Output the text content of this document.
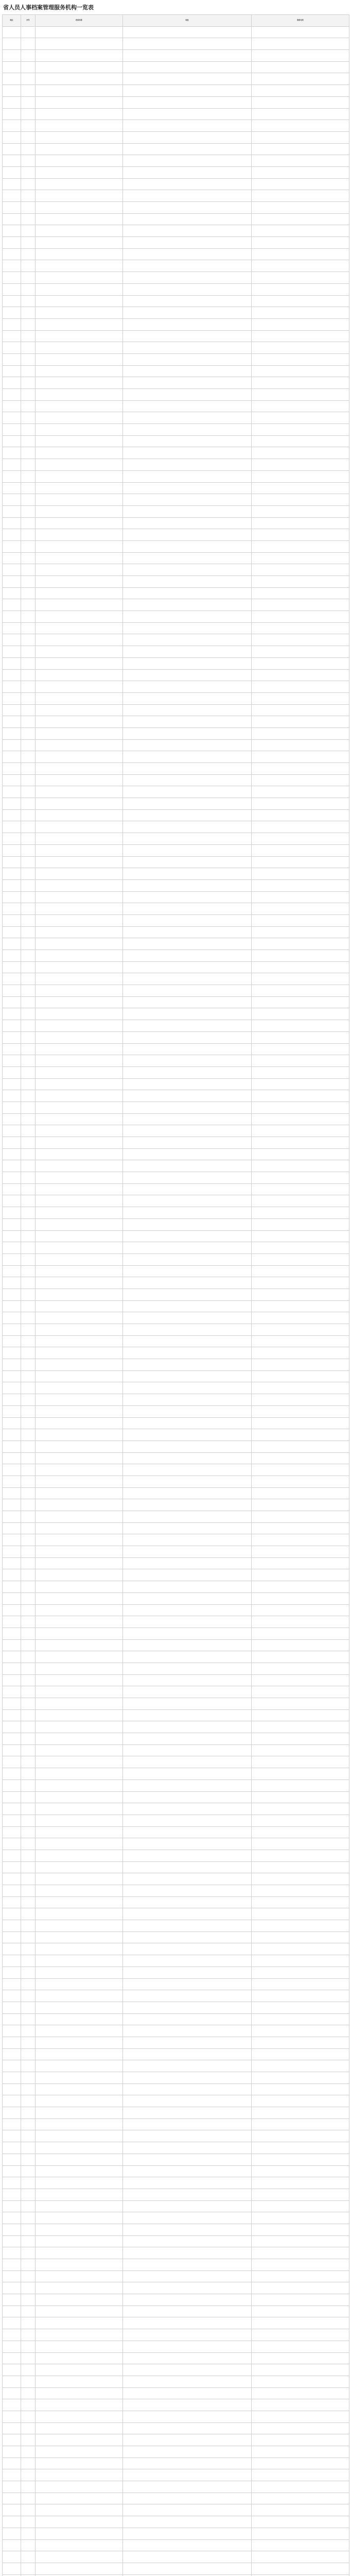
省人员人事档案管理服务机构一览表
地区	序号	机构名称	地址	联系电话
